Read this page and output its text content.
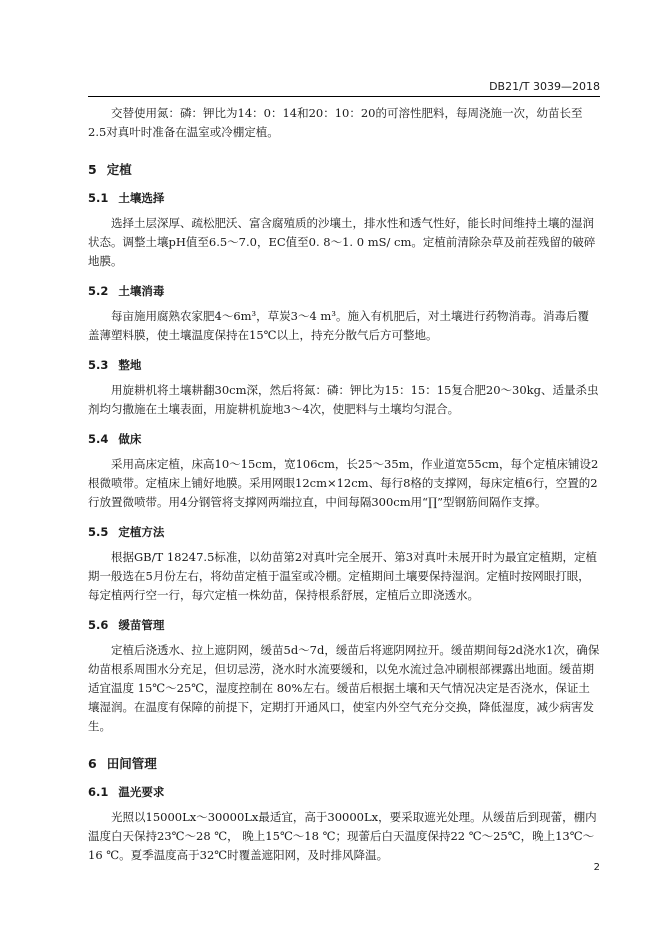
DB21/T 3039—2018

交替使用氮：磷：钾比为14：0：14和20：10：20的可溶性肥料，每周浇施一次，幼苗长至2.5对真叶时准备在温室或冷棚定植。

5 定植
5.1 土壤选择

选择土层深厚、疏松肥沃、富含腐殖质的沙壤土，排水性和透气性好，能长时间维持土壤的湿润状态。调整土壤pH值至6.5～7.0，EC值至0. 8～1. 0 mS/ cm。定植前清除杂草及前茬残留的破碎地膜。

5.2 土壤消毒

每亩施用腐熟农家肥4～6m³，草炭3～4 m³。施入有机肥后，对土壤进行药物消毒。消毒后覆盖薄塑料膜，使土壤温度保持在15℃以上，持充分散气后方可整地。

5.3 整地

用旋耕机将土壤耕翻30cm深，然后将氮：磷：钾比为15：15：15复合肥20～30kg、适量杀虫剂均匀撒施在土壤表面，用旋耕机旋地3～4次，使肥料与土壤均匀混合。

5.4 做床

采用高床定植，床高10～15cm，宽106cm，长25～35m，作业道宽55cm，每个定植床铺设2根微喷带。定植床上铺好地膜。采用网眼12cm×12cm、每行8格的支撑网，每床定植6行，空置的2行放置微喷带。用4分钢管将支撑网两端拉直，中间每隔300cm用“∏”型钢筋间隔作支撑。

5.5 定植方法

根据GB/T 18247.5标准，以幼苗第2对真叶完全展开、第3对真叶未展开时为最宜定植期，定植期一般选在5月份左右，将幼苗定植于温室或冷棚。定植期间土壤要保持湿润。定植时按网眼打眼，每定植两行空一行，每穴定植一株幼苗，保持根系舒展，定植后立即浇透水。

5.6 缓苗管理

定植后浇透水、拉上遮阴网，缓苗5d～7d，缓苗后将遮阴网拉开。缓苗期间每2d浇水1次，确保幼苗根系周围水分充足，但切忌涝，浇水时水流要缓和，以免水流过急冲刷根部裸露出地面。缓苗期适宜温度 15℃～25℃，湿度控制在 80%左右。缓苗后根据土壤和天气情况决定是否浇水，保证土壤湿润。在温度有保障的前提下，定期打开通风口，使室内外空气充分交换，降低湿度，减少病害发生。

6 田间管理
6.1 温光要求

光照以15000Lx～30000Lx最适宜，高于30000Lx，要采取遮光处理。从缓苗后到现蕾，棚内温度白天保持23℃～28 ℃， 晚上15℃～18 ℃；现蕾后白天温度保持22 ℃～25℃，晚上13℃～16 ℃。夏季温度高于32℃时覆盖遮阳网，及时排风降温。

2
